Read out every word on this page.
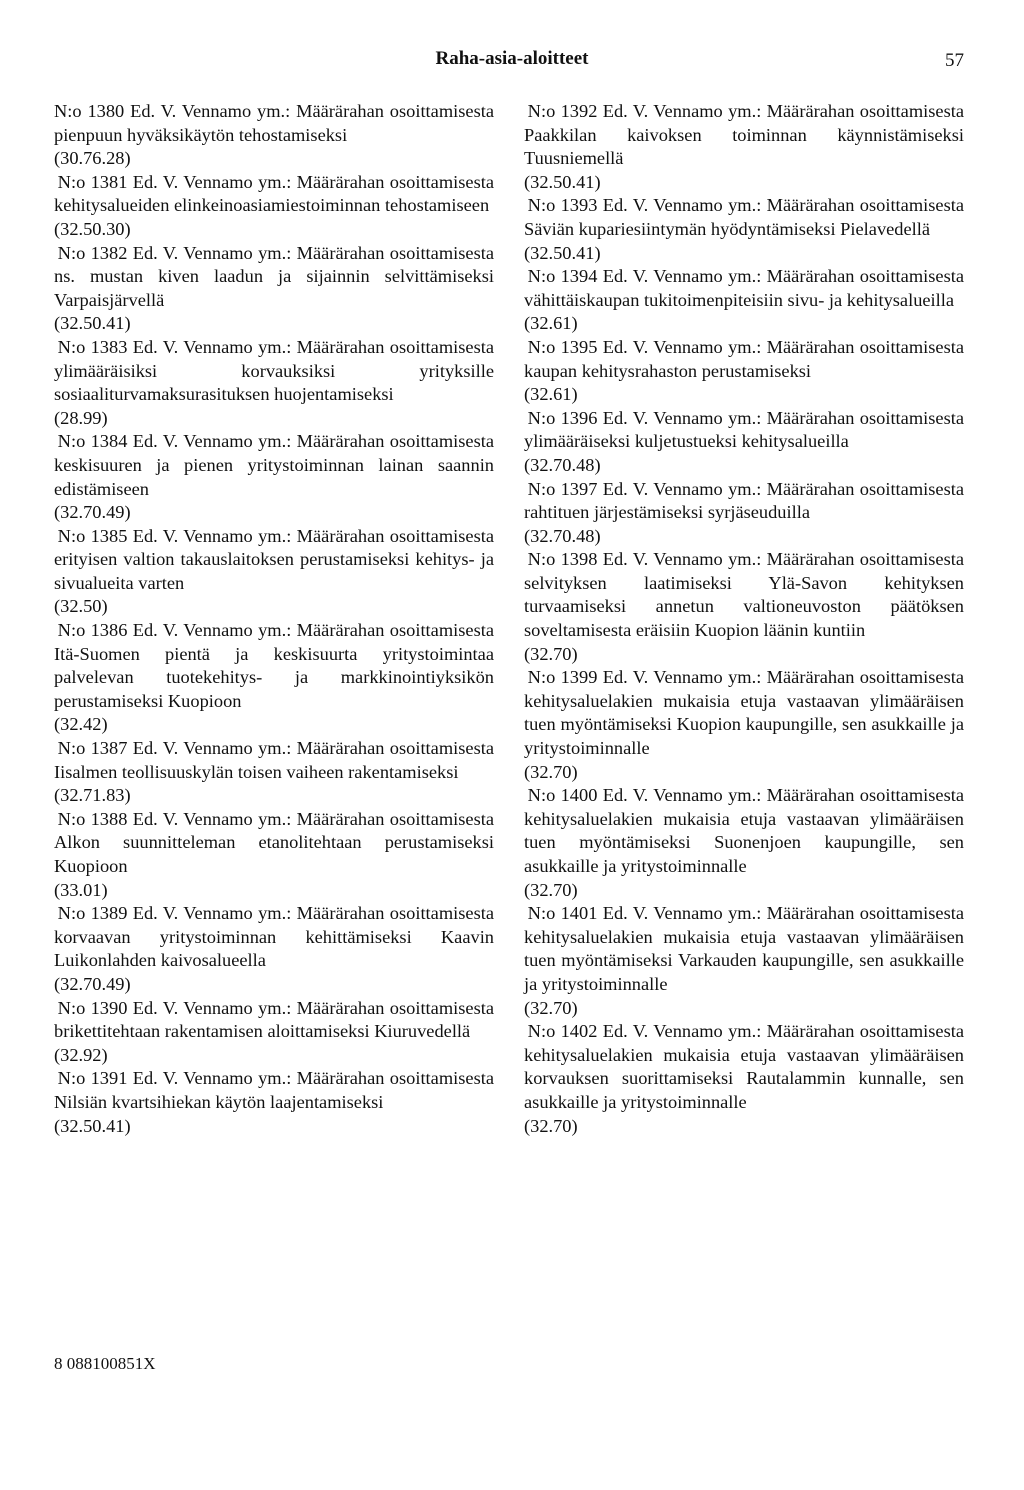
Raha-asia-aloitteet	57

N:o 1380 Ed. V. Vennamo ym.: Määrärahan osoittamisesta pienpuun hyväksikäytön tehostamiseksi

(30.76.28)

N:o 1381 Ed. V. Vennamo ym.: Määrärahan osoittamisesta kehitysalueiden elinkeinoasiamiestoiminnan tehostamiseen

(32.50.30)

N:o 1382 Ed. V. Vennamo ym.: Määrärahan osoittamisesta ns. mustan kiven laadun ja sijainnin selvittämiseksi Varpaisjärvellä

(32.50.41)

N:o 1383 Ed. V. Vennamo ym.: Määrärahan osoittamisesta ylimääräisiksi korvauksiksi yrityksille sosiaaliturvamaksurasituksen huojentamiseksi

(28.99)

N:o 1384 Ed. V. Vennamo ym.: Määrärahan osoittamisesta keskisuuren ja pienen yritystoiminnan lainan saannin edistämiseen

(32.70.49)

N:o 1385 Ed. V. Vennamo ym.: Määrärahan osoittamisesta erityisen valtion takauslaitoksen perustamiseksi kehitys- ja sivualueita varten

(32.50)

N:o 1386 Ed. V. Vennamo ym.: Määrärahan osoittamisesta Itä-Suomen pientä ja keskisuurta yritystoimintaa palvelevan tuotekehitys- ja markkinointiyksikön perustamiseksi Kuopioon

(32.42)

N:o 1387 Ed. V. Vennamo ym.: Määrärahan osoittamisesta Iisalmen teollisuuskylän toisen vaiheen rakentamiseksi

(32.71.83)

N:o 1388 Ed. V. Vennamo ym.: Määrärahan osoittamisesta Alkon suunnitteleman etanolitehtaan perustamiseksi Kuopioon

(33.01)

N:o 1389 Ed. V. Vennamo ym.: Määrärahan osoittamisesta korvaavan yritystoiminnan kehittämiseksi Kaavin Luikonlahden kaivosalueella

(32.70.49)

N:o 1390 Ed. V. Vennamo ym.: Määrärahan osoittamisesta brikettitehtaan rakentamisen aloittamiseksi Kiuruvedellä

(32.92)

N:o 1391 Ed. V. Vennamo ym.: Määrärahan osoittamisesta Nilsiän kvartsihiekan käytön laajentamiseksi

(32.50.41)

N:o 1392 Ed. V. Vennamo ym.: Määrärahan osoittamisesta Paakkilan kaivoksen toiminnan käynnistämiseksi Tuusniemellä

(32.50.41)

N:o 1393 Ed. V. Vennamo ym.: Määrärahan osoittamisesta Säviän kupariesiintymän hyödyntämiseksi Pielavedellä

(32.50.41)

N:o 1394 Ed. V. Vennamo ym.: Määrärahan osoittamisesta vähittäiskaupan tukitoimenpiteisiin sivu- ja kehitysalueilla

(32.61)

N:o 1395 Ed. V. Vennamo ym.: Määrärahan osoittamisesta kaupan kehitysrahaston perustamiseksi

(32.61)

N:o 1396 Ed. V. Vennamo ym.: Määrärahan osoittamisesta ylimääräiseksi kuljetustueksi kehitysalueilla

(32.70.48)

N:o 1397 Ed. V. Vennamo ym.: Määrärahan osoittamisesta rahtituen järjestämiseksi syrjäseuduilla

(32.70.48)

N:o 1398 Ed. V. Vennamo ym.: Määrärahan osoittamisesta selvityksen laatimiseksi Ylä-Savon kehityksen turvaamiseksi annetun valtioneuvoston päätöksen soveltamisesta eräisiin Kuopion läänin kuntiin

(32.70)

N:o 1399 Ed. V. Vennamo ym.: Määrärahan osoittamisesta kehitysaluelakien mukaisia etuja vastaavan ylimääräisen tuen myöntämiseksi Kuopion kaupungille, sen asukkaille ja yritystoiminnalle

(32.70)

N:o 1400 Ed. V. Vennamo ym.: Määrärahan osoittamisesta kehitysaluelakien mukaisia etuja vastaavan ylimääräisen tuen myöntämiseksi Suonenjoen kaupungille, sen asukkaille ja yritystoiminnalle

(32.70)

N:o 1401 Ed. V. Vennamo ym.: Määrärahan osoittamisesta kehitysaluelakien mukaisia etuja vastaavan ylimääräisen tuen myöntämiseksi Varkauden kaupungille, sen asukkaille ja yritystoiminnalle

(32.70)

N:o 1402 Ed. V. Vennamo ym.: Määrärahan osoittamisesta kehitysaluelakien mukaisia etuja vastaavan ylimääräisen korvauksen suorittamiseksi Rautalammin kunnalle, sen asukkaille ja yritystoiminnalle

(32.70)

8 088100851X
